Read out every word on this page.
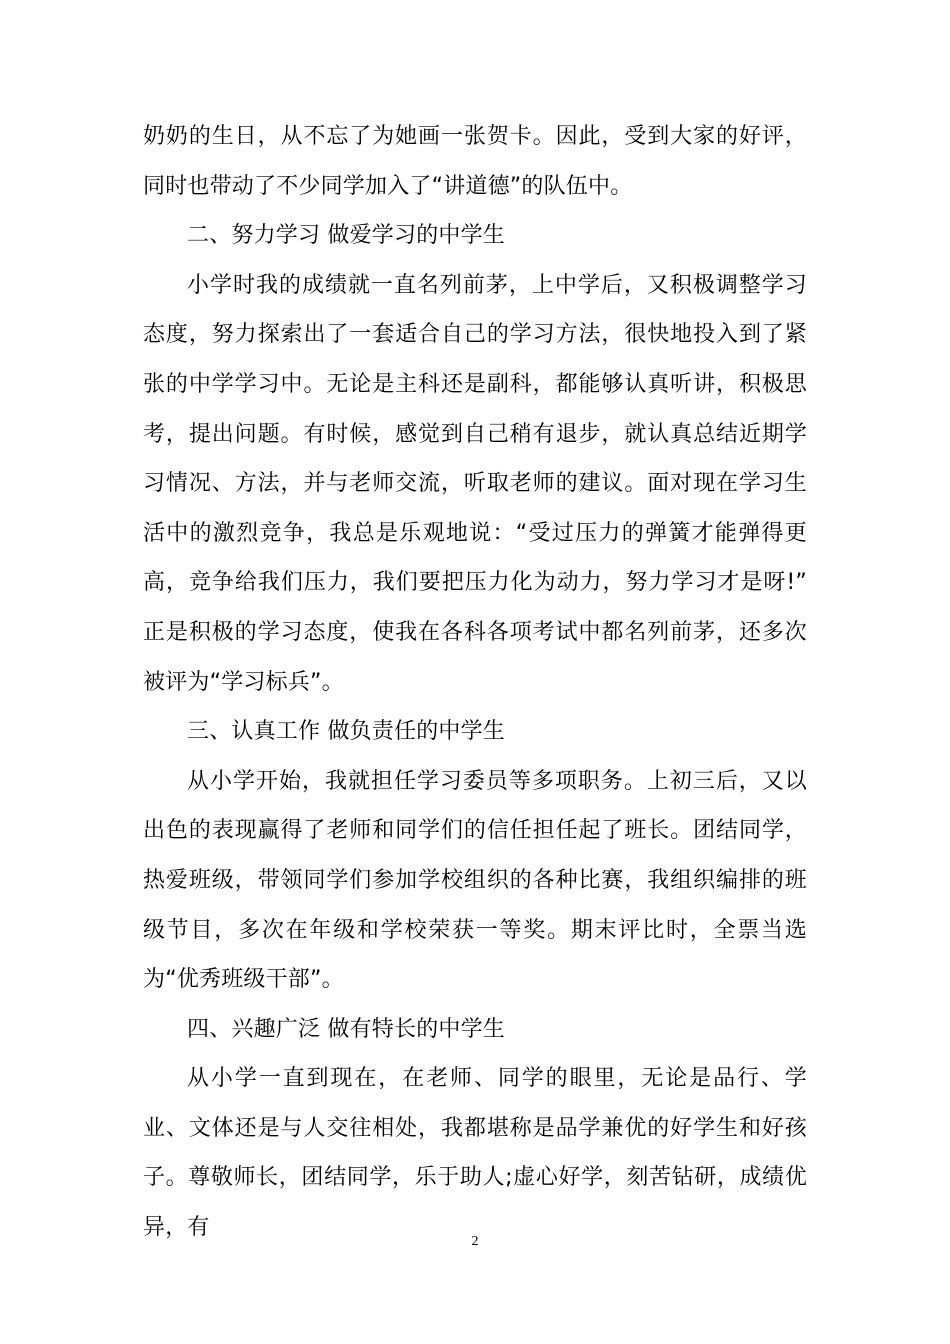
奶奶的生日，从不忘了为她画一张贺卡。因此，受到大家的好评，同时也带动了不少同学加入了“讲道德”的队伍中。

二、努力学习 做爱学习的中学生

小学时我的成绩就一直名列前茅，上中学后，又积极调整学习态度，努力探索出了一套适合自己的学习方法，很快地投入到了紧张的中学学习中。无论是主科还是副科，都能够认真听讲，积极思考，提出问题。有时候，感觉到自己稍有退步，就认真总结近期学习情况、方法，并与老师交流，听取老师的建议。面对现在学习生活中的激烈竞争，我总是乐观地说：“受过压力的弹簧才能弹得更高，竞争给我们压力，我们要把压力化为动力，努力学习才是呀!” 正是积极的学习态度，使我在各科各项考试中都名列前茅，还多次被评为“学习标兵”。

三、认真工作 做负责任的中学生

从小学开始，我就担任学习委员等多项职务。上初三后，又以出色的表现赢得了老师和同学们的信任担任起了班长。团结同学，热爱班级，带领同学们参加学校组织的各种比赛，我组织编排的班级节目，多次在年级和学校荣获一等奖。期末评比时，全票当选为“优秀班级干部”。

四、兴趣广泛 做有特长的中学生

从小学一直到现在，在老师、同学的眼里，无论是品行、学业、文体还是与人交往相处，我都堪称是品学兼优的好学生和好孩子。尊敬师长，团结同学，乐于助人;虚心好学，刻苦钻研，成绩优异，有

2
